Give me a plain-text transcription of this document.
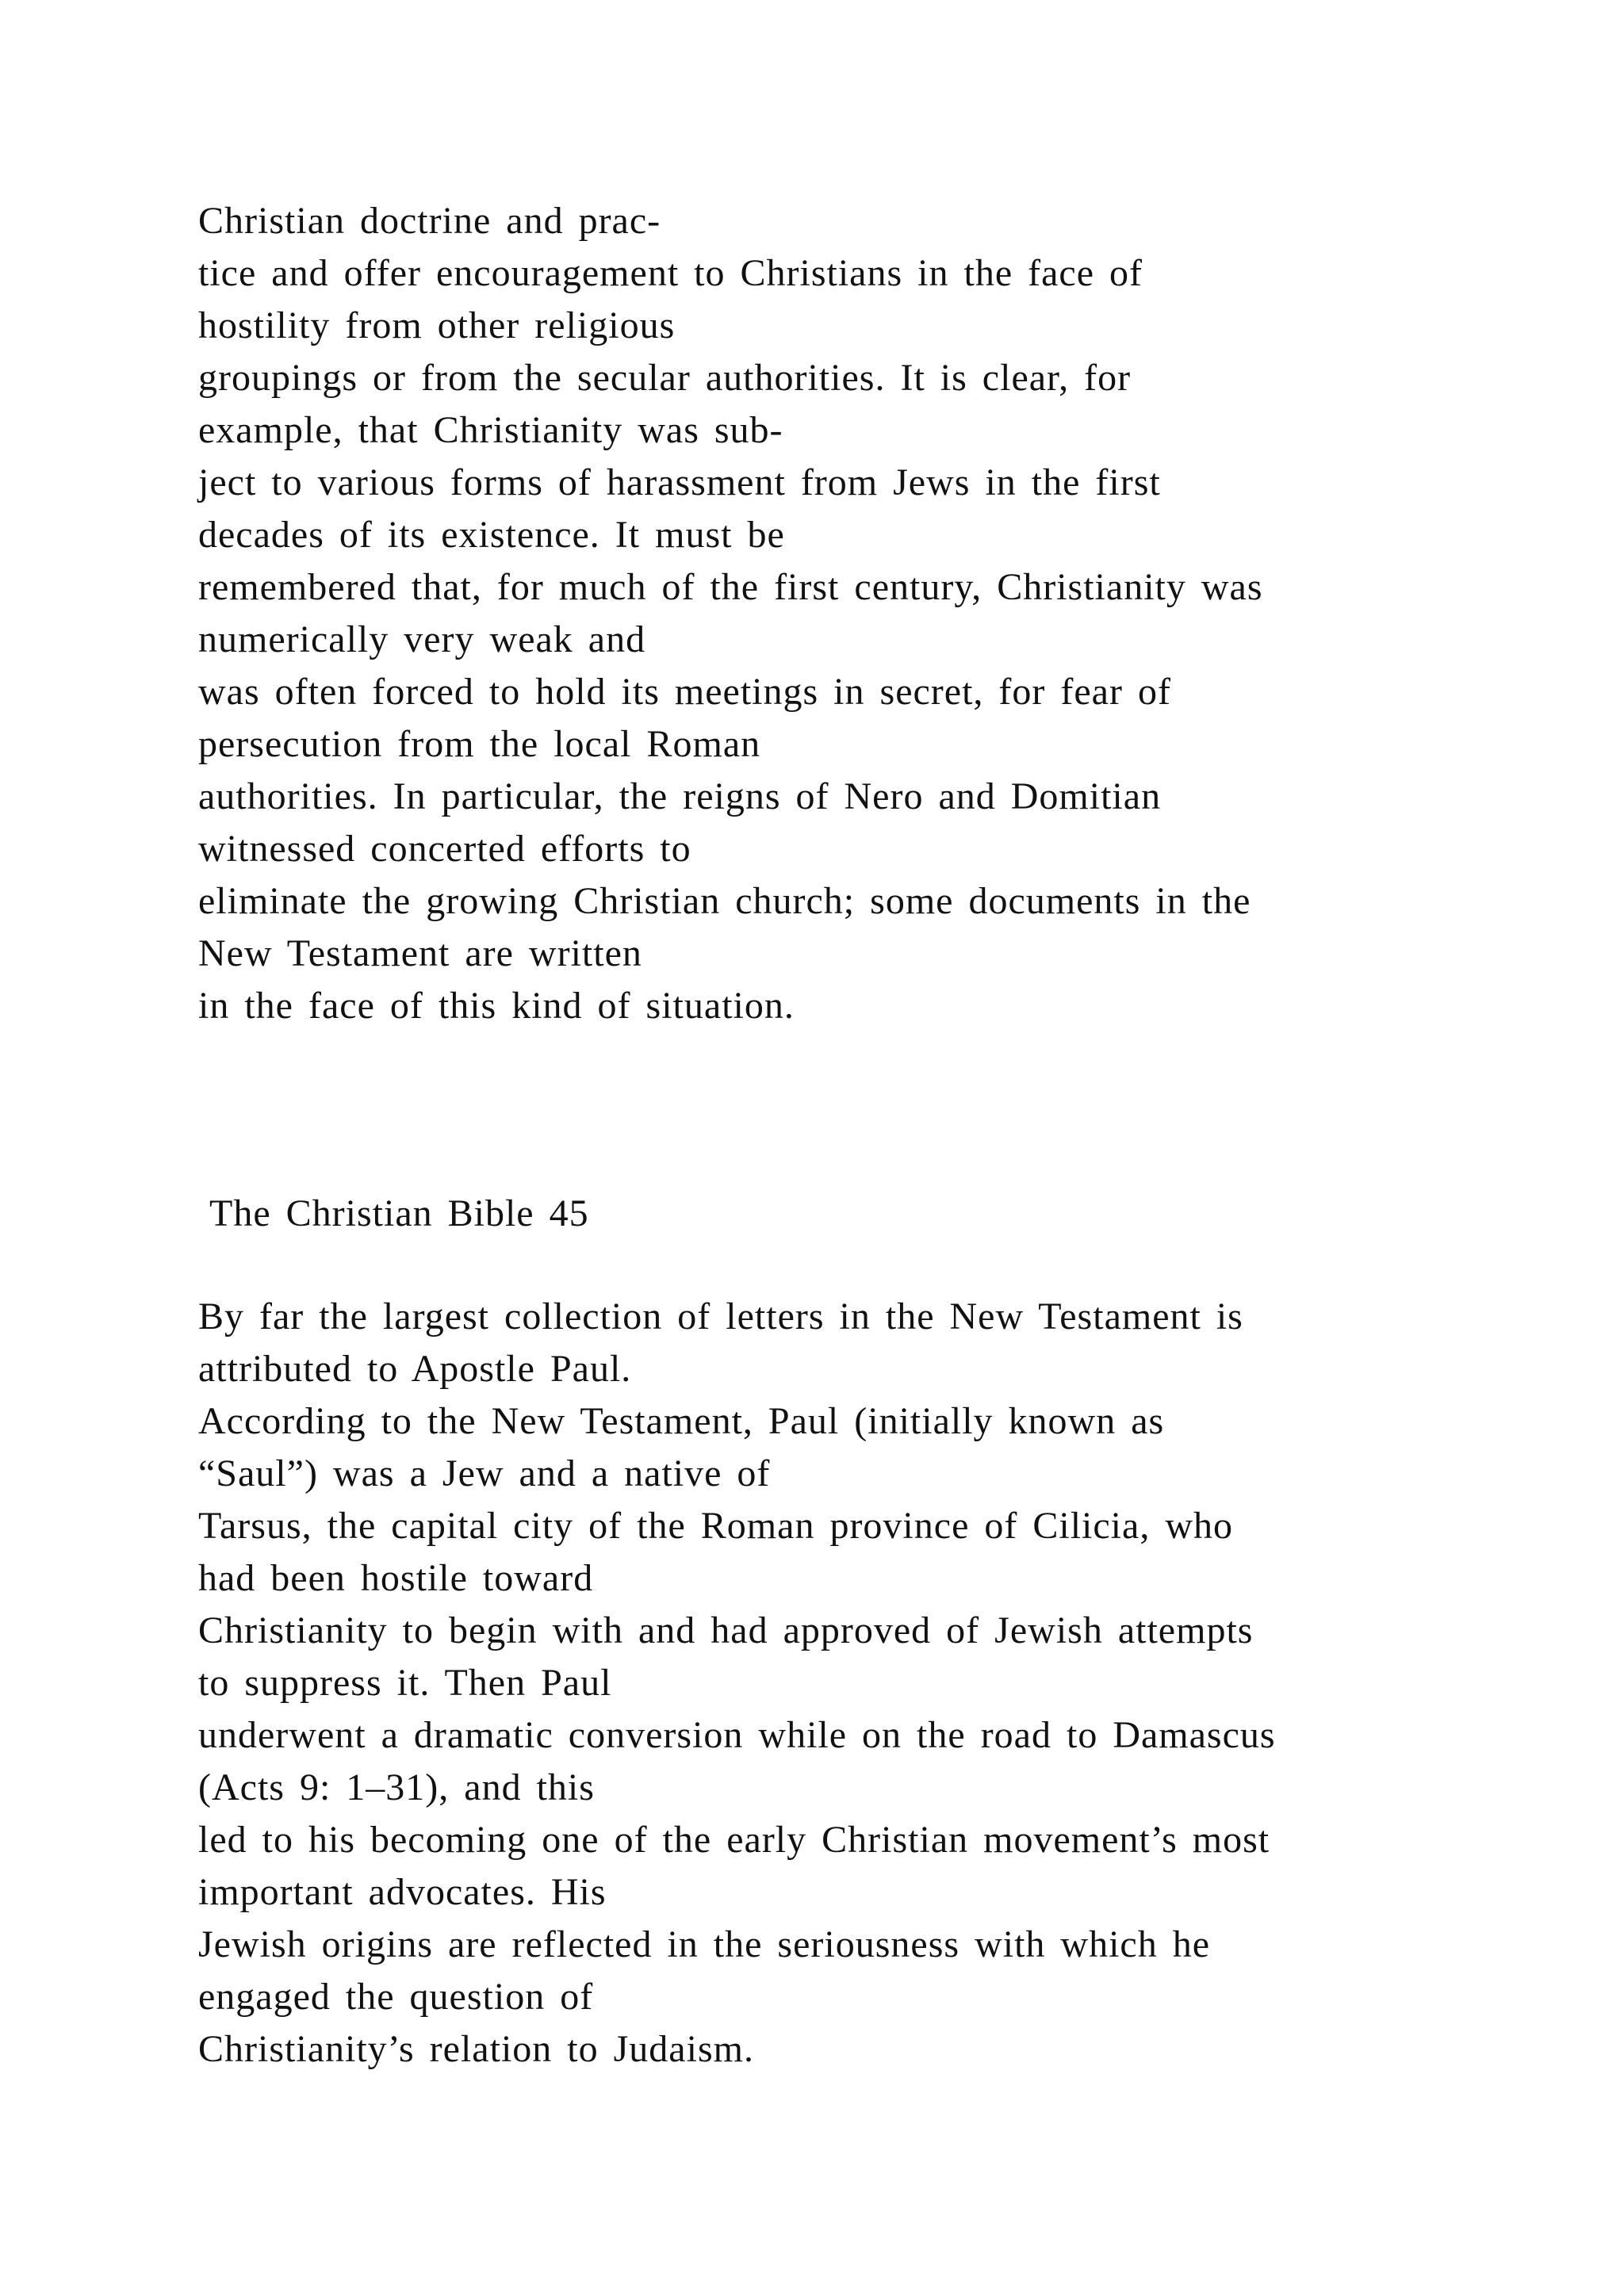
Christian doctrine and prac-
tice and offer encouragement to Christians in the face of
hostility from other religious
groupings or from the secular authorities. It is clear, for
example, that Christianity was sub-
ject to various forms of harassment from Jews in the first
decades of its existence. It must be
remembered that, for much of the first century, Christianity was
numerically very weak and
was often forced to hold its meetings in secret, for fear of
persecution from the local Roman
authorities. In particular, the reigns of Nero and Domitian
witnessed concerted efforts to
eliminate the growing Christian church; some documents in the
New Testament are written
in the face of this kind of situation.
The Christian Bible 45
By far the largest collection of letters in the New Testament is
attributed to Apostle Paul.
According to the New Testament, Paul (initially known as
“Saul”) was a Jew and a native of
Tarsus, the capital city of the Roman province of Cilicia, who
had been hostile toward
Christianity to begin with and had approved of Jewish attempts
to suppress it. Then Paul
underwent a dramatic conversion while on the road to Damascus
(Acts 9: 1–31), and this
led to his becoming one of the early Christian movement’s most
important advocates. His
Jewish origins are reflected in the seriousness with which he
engaged the question of
Christianity’s relation to Judaism.
